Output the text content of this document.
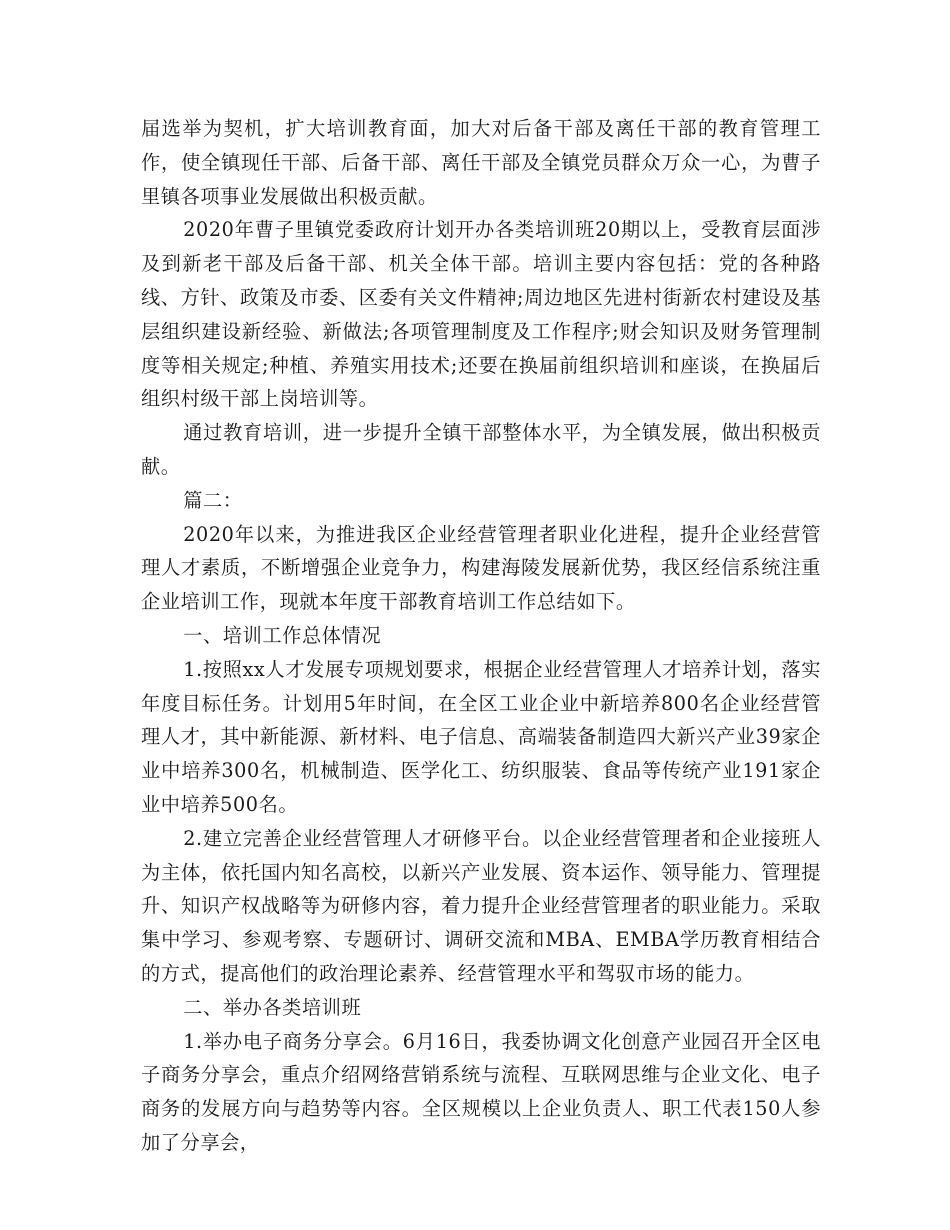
届选举为契机，扩大培训教育面，加大对后备干部及离任干部的教育管理工作，使全镇现任干部、后备干部、离任干部及全镇党员群众万众一心，为曹子里镇各项事业发展做出积极贡献。

2020年曹子里镇党委政府计划开办各类培训班20期以上，受教育层面涉及到新老干部及后备干部、机关全体干部。培训主要内容包括：党的各种路线、方针、政策及市委、区委有关文件精神;周边地区先进村街新农村建设及基层组织建设新经验、新做法;各项管理制度及工作程序;财会知识及财务管理制度等相关规定;种植、养殖实用技术;还要在换届前组织培训和座谈，在换届后组织村级干部上岗培训等。

通过教育培训，进一步提升全镇干部整体水平，为全镇发展，做出积极贡献。

篇二：

2020年以来，为推进我区企业经营管理者职业化进程，提升企业经营管理人才素质，不断增强企业竞争力，构建海陵发展新优势，我区经信系统注重企业培训工作，现就本年度干部教育培训工作总结如下。

一、培训工作总体情况

1.按照xx人才发展专项规划要求，根据企业经营管理人才培养计划，落实年度目标任务。计划用5年时间，在全区工业企业中新培养800名企业经营管理人才，其中新能源、新材料、电子信息、高端装备制造四大新兴产业39家企业中培养300名，机械制造、医学化工、纺织服装、食品等传统产业191家企业中培养500名。

2.建立完善企业经营管理人才研修平台。以企业经营管理者和企业接班人为主体，依托国内知名高校，以新兴产业发展、资本运作、领导能力、管理提升、知识产权战略等为研修内容，着力提升企业经营管理者的职业能力。采取集中学习、参观考察、专题研讨、调研交流和MBA、EMBA学历教育相结合的方式，提高他们的政治理论素养、经营管理水平和驾驭市场的能力。

二、举办各类培训班

1.举办电子商务分享会。6月16日，我委协调文化创意产业园召开全区电子商务分享会，重点介绍网络营销系统与流程、互联网思维与企业文化、电子商务的发展方向与趋势等内容。全区规模以上企业负责人、职工代表150人参加了分享会，
